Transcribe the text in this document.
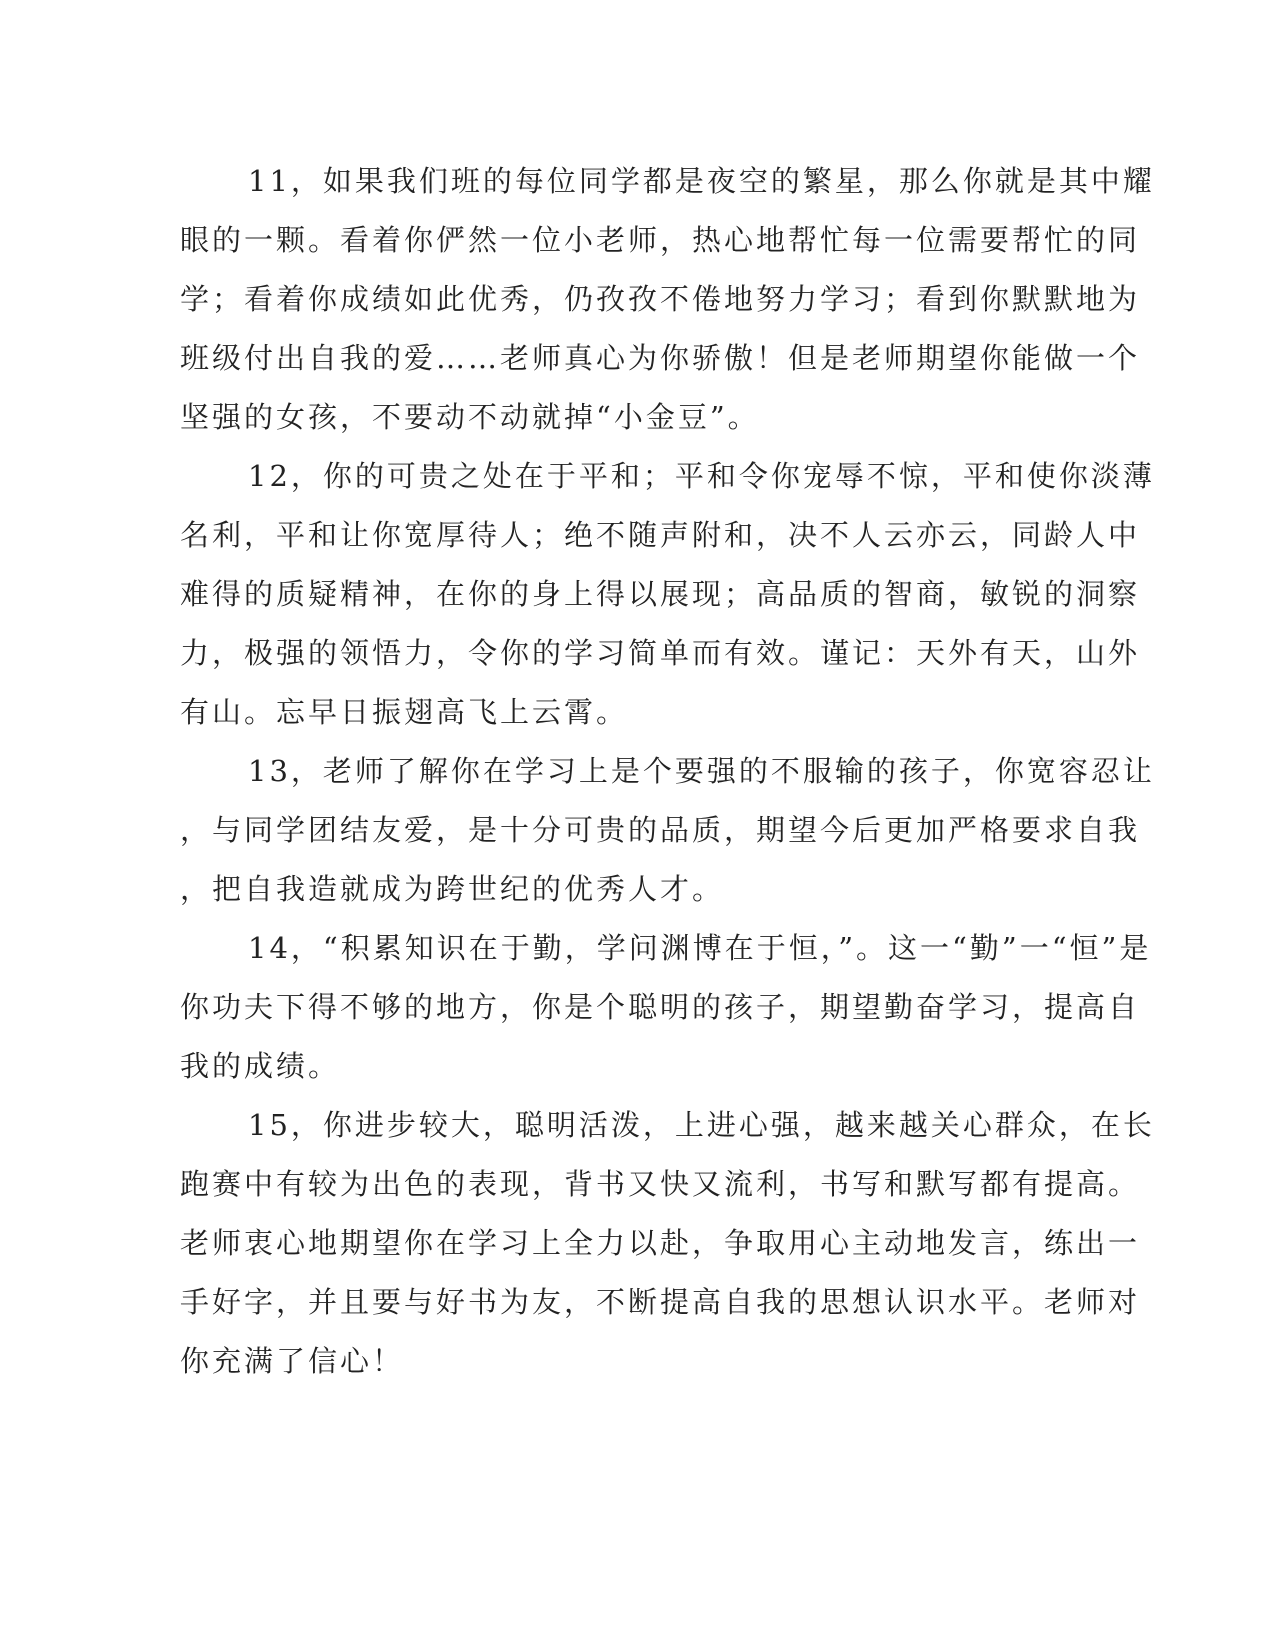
11，如果我们班的每位同学都是夜空的繁星，那么你就是其中耀
眼的一颗。看着你俨然一位小老师，热心地帮忙每一位需要帮忙的同
学；看着你成绩如此优秀，仍孜孜不倦地努力学习；看到你默默地为
班级付出自我的爱……老师真心为你骄傲！但是老师期望你能做一个
坚强的女孩，不要动不动就掉“小金豆”。

12，你的可贵之处在于平和；平和令你宠辱不惊，平和使你淡薄
名利，平和让你宽厚待人；绝不随声附和，决不人云亦云，同龄人中
难得的质疑精神，在你的身上得以展现；高品质的智商，敏锐的洞察
力，极强的领悟力，令你的学习简单而有效。谨记：天外有天，山外
有山。忘早日振翅高飞上云霄。

13，老师了解你在学习上是个要强的不服输的孩子，你宽容忍让
，与同学团结友爱，是十分可贵的品质，期望今后更加严格要求自我
，把自我造就成为跨世纪的优秀人才。

14，“积累知识在于勤，学问渊博在于恒，”。这一“勤”一“恒”是
你功夫下得不够的地方，你是个聪明的孩子，期望勤奋学习，提高自
我的成绩。

15，你进步较大，聪明活泼，上进心强，越来越关心群众，在长
跑赛中有较为出色的表现，背书又快又流利，书写和默写都有提高。
老师衷心地期望你在学习上全力以赴，争取用心主动地发言，练出一
手好字，并且要与好书为友，不断提高自我的思想认识水平。老师对
你充满了信心！
